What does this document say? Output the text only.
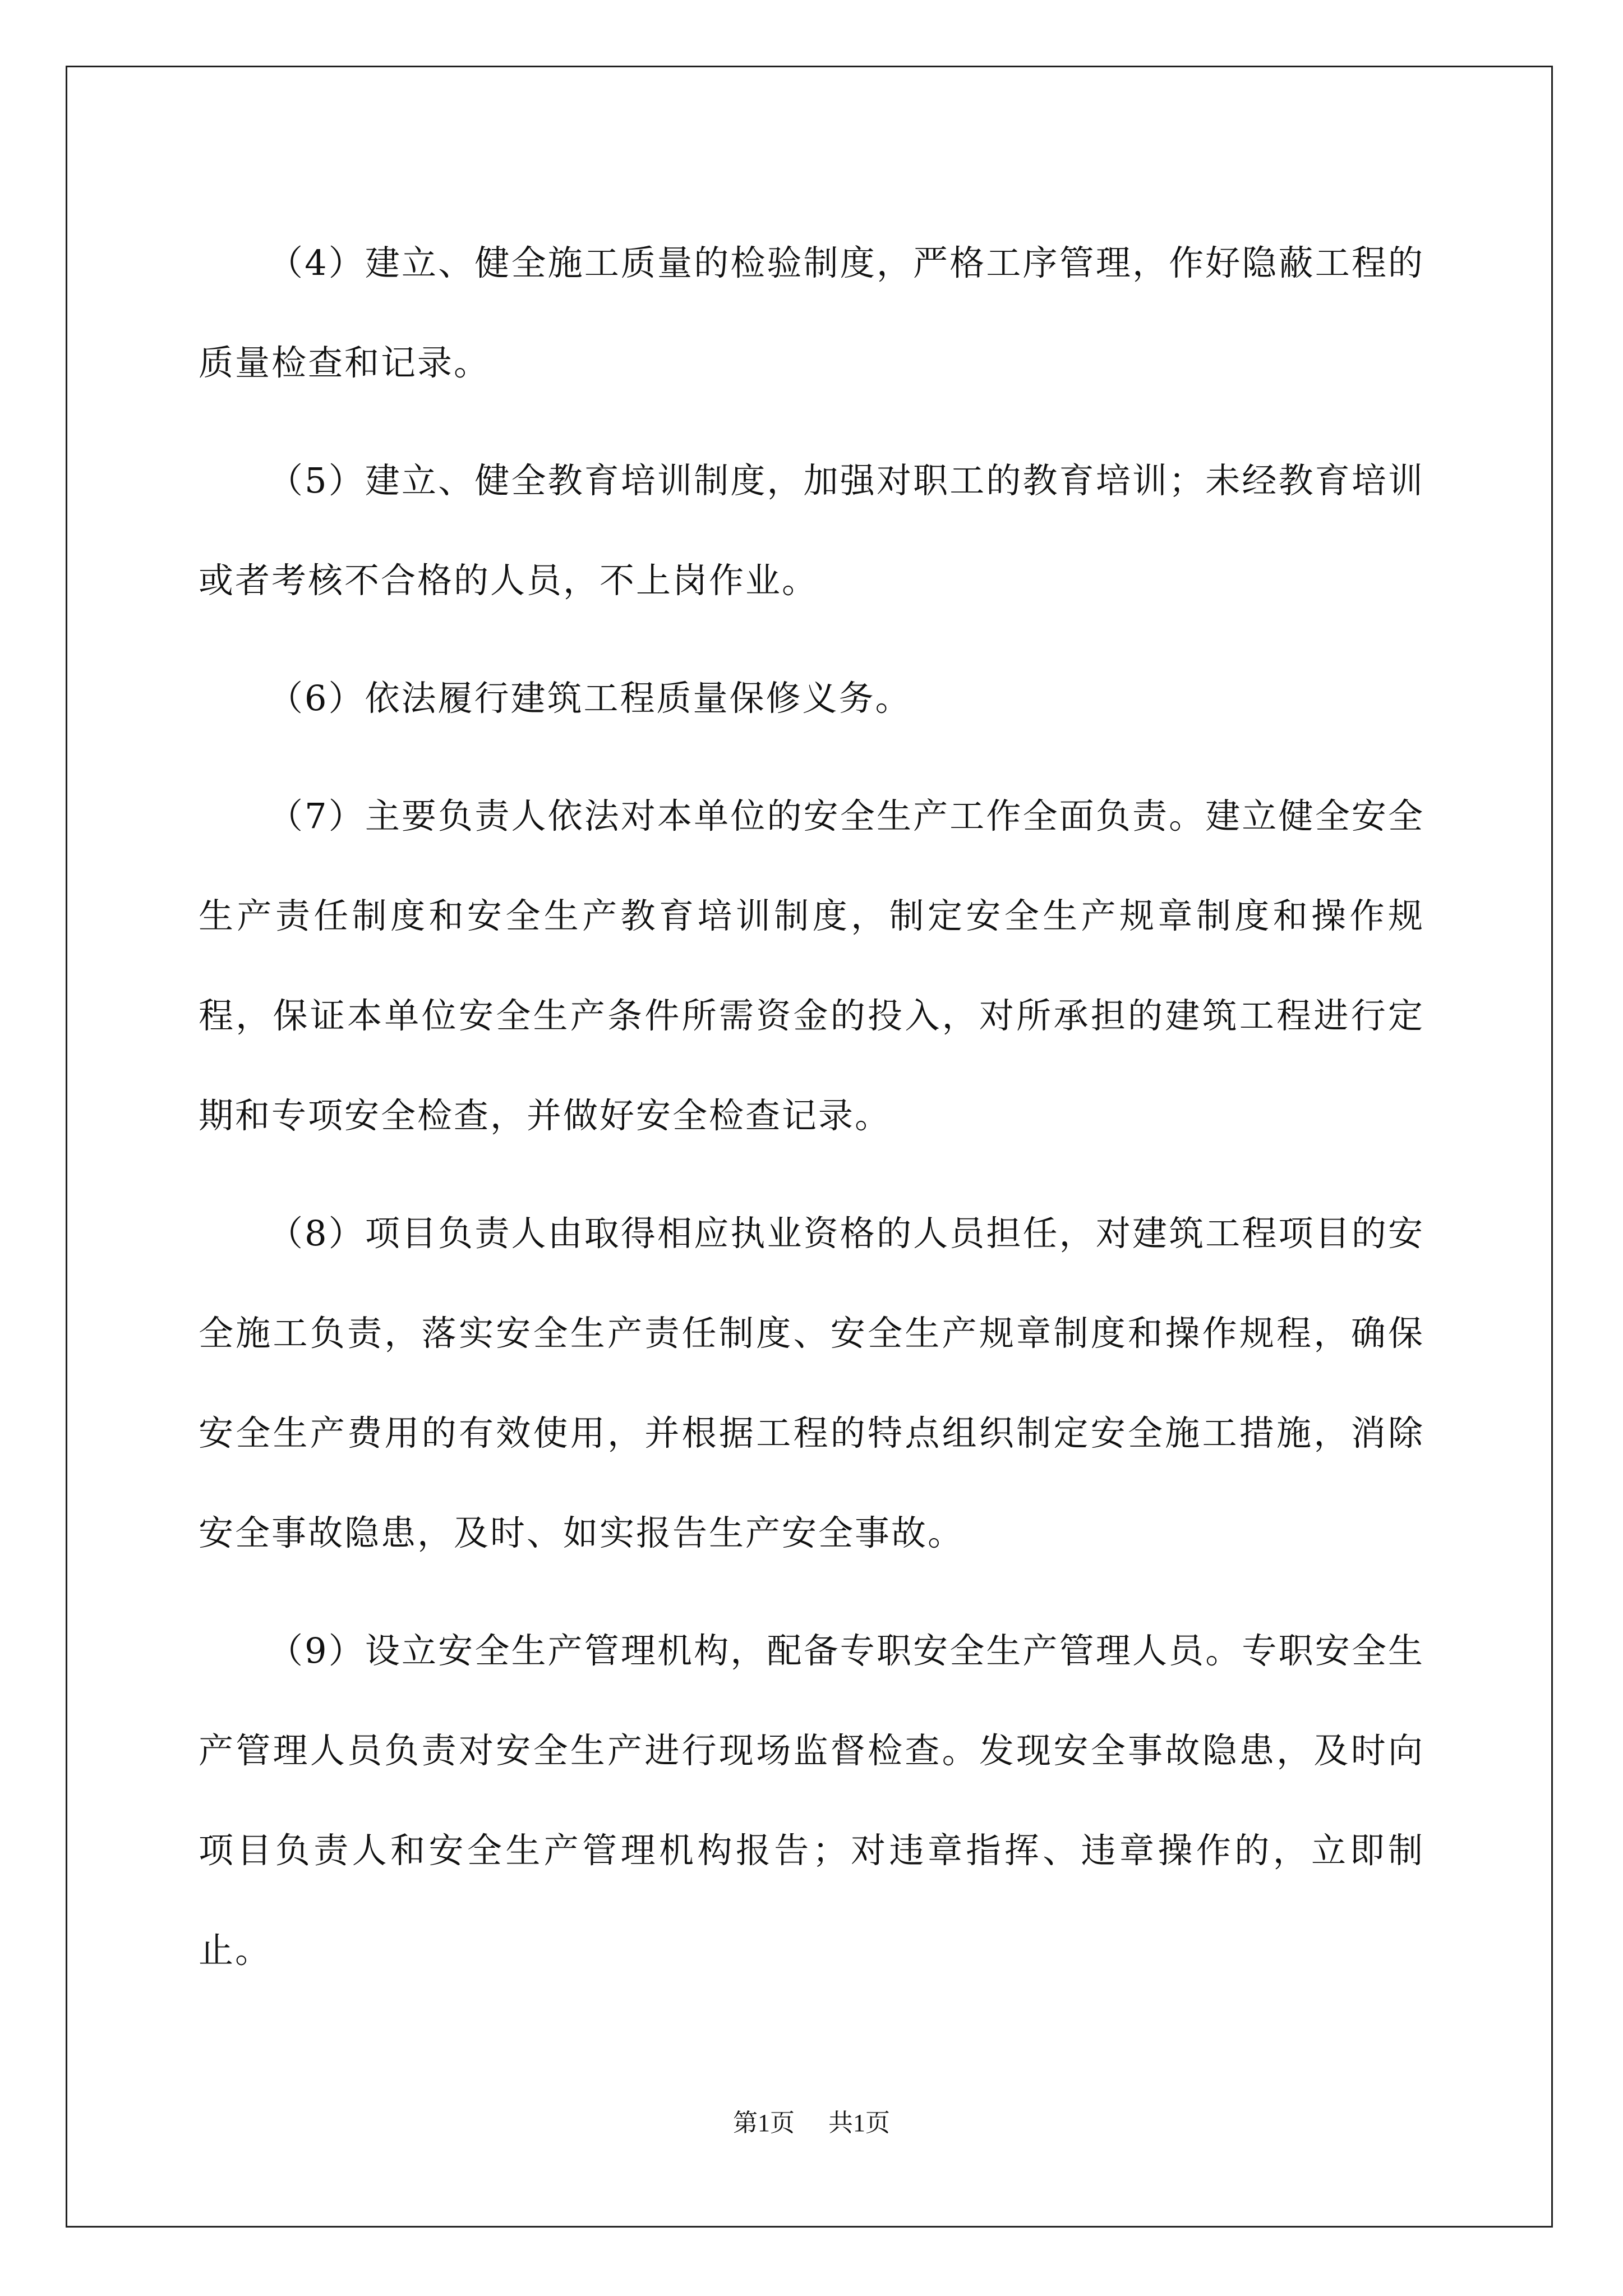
（4）建立、健全施工质量的检验制度，严格工序管理，作好隐蔽工程的质量检查和记录。

（5）建立、健全教育培训制度，加强对职工的教育培训；未经教育培训或者考核不合格的人员，不上岗作业。

（6）依法履行建筑工程质量保修义务。

（7）主要负责人依法对本单位的安全生产工作全面负责。建立健全安全生产责任制度和安全生产教育培训制度，制定安全生产规章制度和操作规程，保证本单位安全生产条件所需资金的投入，对所承担的建筑工程进行定期和专项安全检查，并做好安全检查记录。

（8）项目负责人由取得相应执业资格的人员担任，对建筑工程项目的安全施工负责，落实安全生产责任制度、安全生产规章制度和操作规程，确保安全生产费用的有效使用，并根据工程的特点组织制定安全施工措施，消除安全事故隐患，及时、如实报告生产安全事故。

（9）设立安全生产管理机构，配备专职安全生产管理人员。专职安全生产管理人员负责对安全生产进行现场监督检查。发现安全事故隐患，及时向项目负责人和安全生产管理机构报告；对违章指挥、违章操作的，立即制止。

第1页 共1页
